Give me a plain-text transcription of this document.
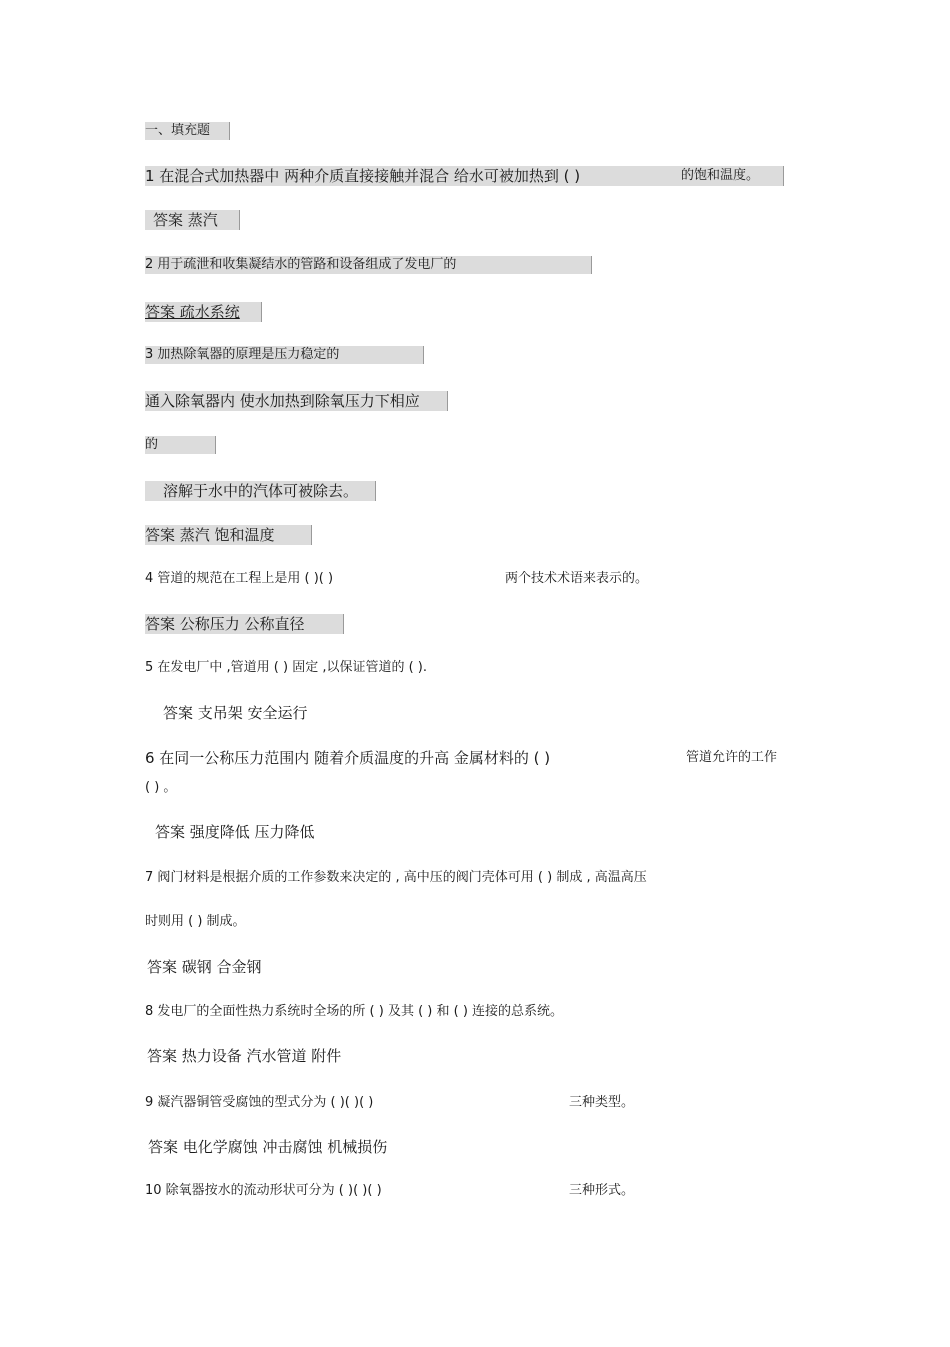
一、填充题
1 在混合式加热器中 两种介质直接接触并混合 给水可被加热到 ( )	的饱和温度。
答案 蒸汽
2 用于疏泄和收集凝结水的管路和设备组成了发电厂的
答案 疏水系统
3 加热除氧器的原理是压力稳定的
通入除氧器内 使水加热到除氧压力下相应
的
溶解于水中的汽体可被除去。
答案 蒸汽 饱和温度
4 管道的规范在工程上是用 ( )( )	两个技术术语来表示的。
答案 公称压力 公称直径
5 在发电厂中 ,管道用 ( ) 固定 ,以保证管道的 ( ).
答案 支吊架 安全运行
6 在同一公称压力范围内 随着介质温度的升高 金属材料的 ( )	管道允许的工作
( ) 。
答案 强度降低 压力降低
7 阀门材料是根据介质的工作参数来决定的 , 高中压的阀门壳体可用 ( ) 制成 , 高温高压
时则用 ( ) 制成。
答案 碳钢 合金钢
8 发电厂的全面性热力系统时全场的所 ( ) 及其 ( ) 和 ( ) 连接的总系统。
答案 热力设备 汽水管道 附件
9 凝汽器铜管受腐蚀的型式分为 ( )( )( )	三种类型。
答案 电化学腐蚀 冲击腐蚀 机械损伤
10 除氧器按水的流动形状可分为 ( )( )( )	三种形式。
